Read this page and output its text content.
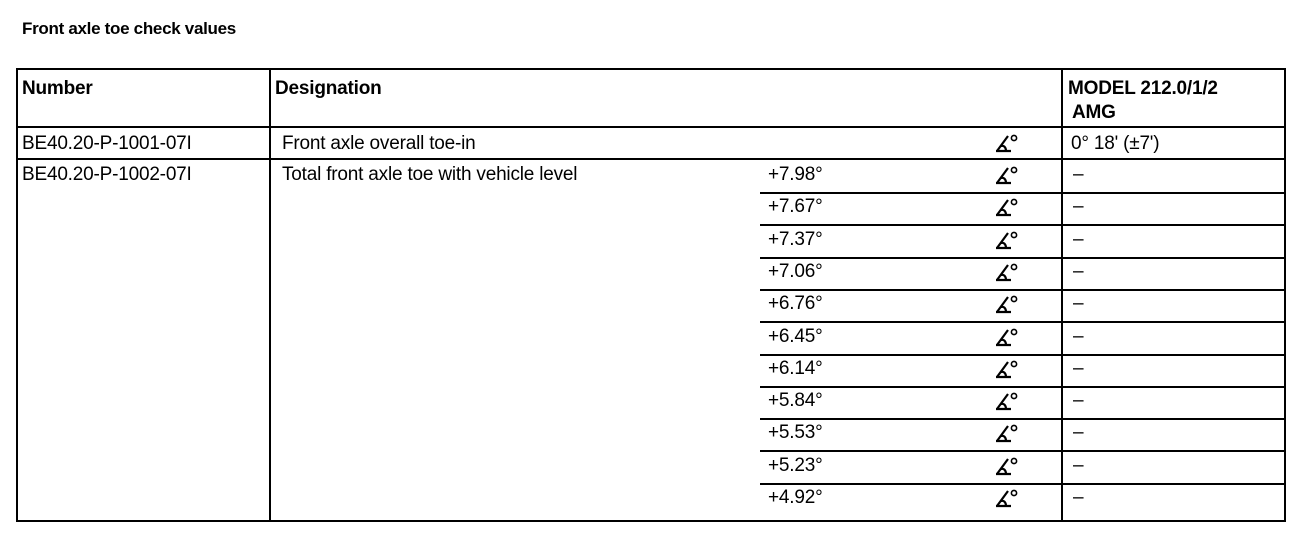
Front axle toe check values
Number	Designation	MODEL 212.0/1/2
AMG
BE40.20-P-1001-07I	Front axle overall toe-in	0° 18' (±7')
BE40.20-P-1002-07I	Total front axle toe with vehicle level	+7.98°	–
+7.67°	–
+7.37°	–
+7.06°	–
+6.76°	–
+6.45°	–
+6.14°	–
+5.84°	–
+5.53°	–
+5.23°	–
+4.92°	–
